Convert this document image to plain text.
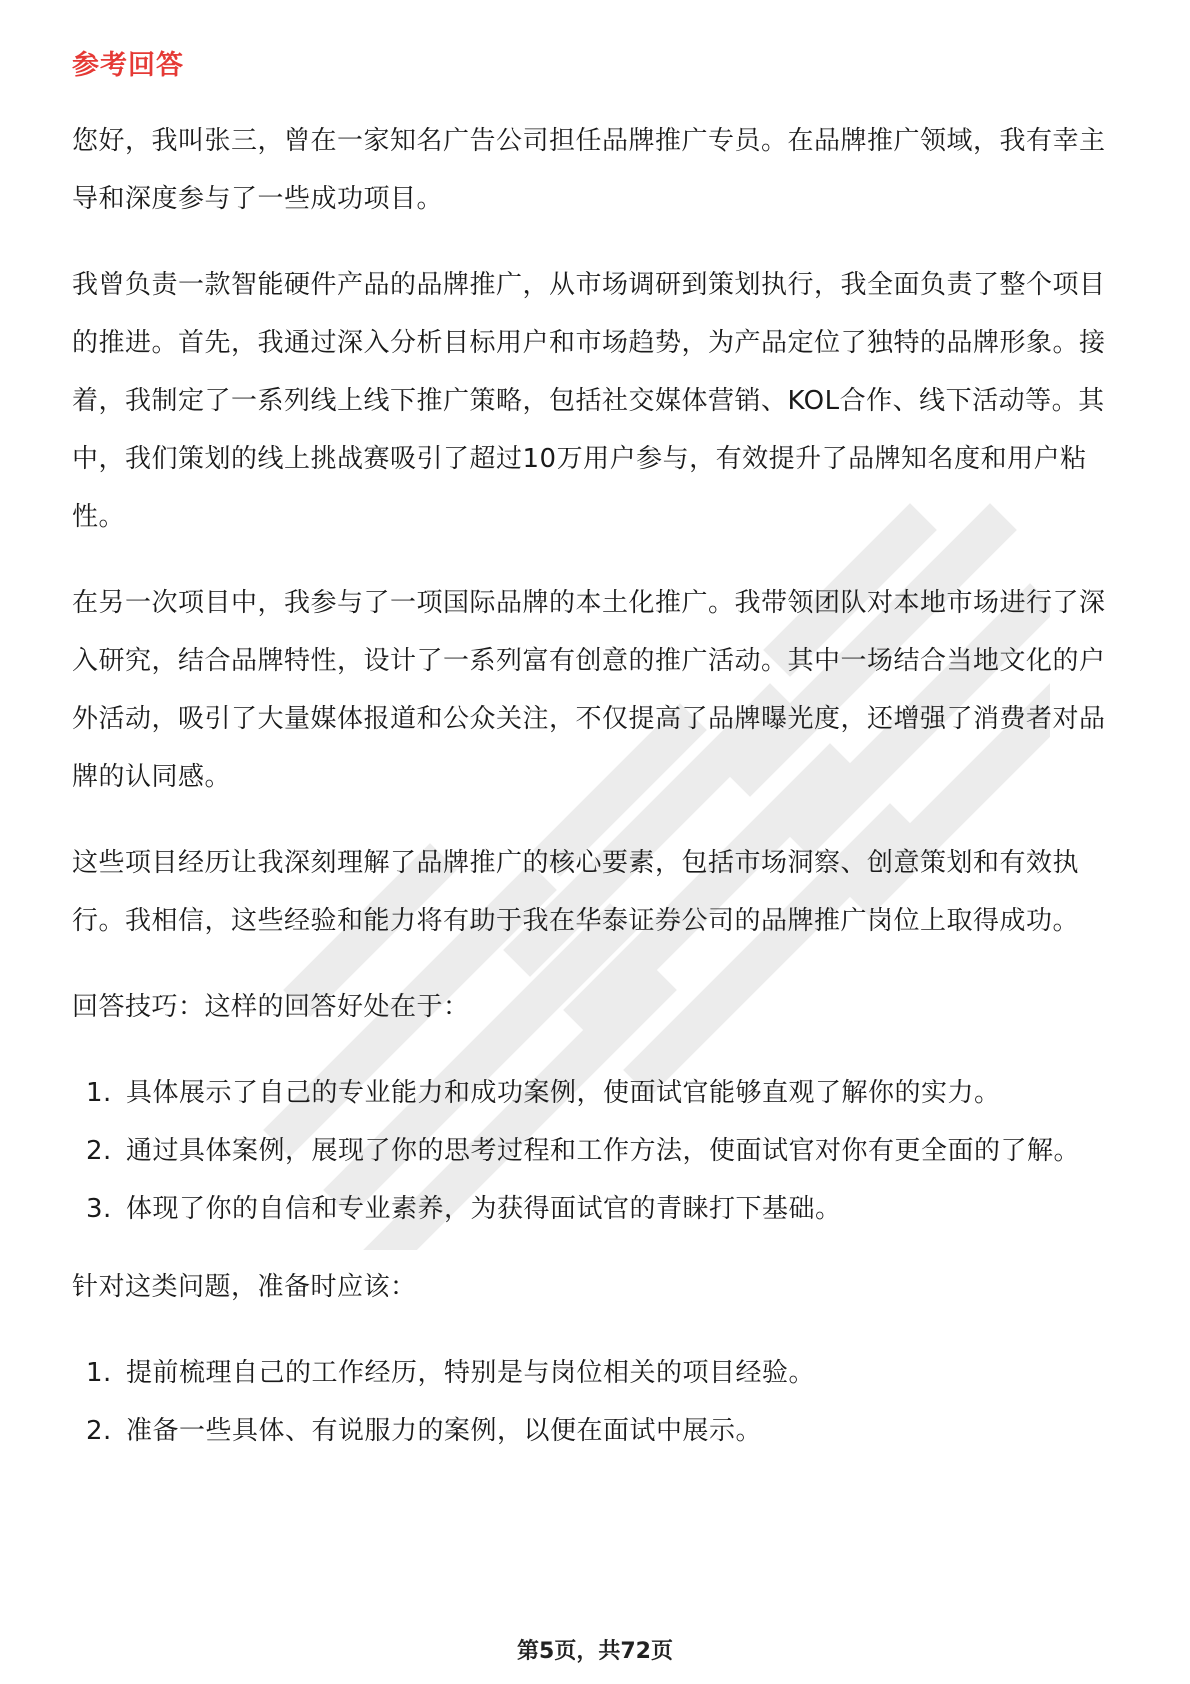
参考回答

您好，我叫张三，曾在一家知名广告公司担任品牌推广专员。在品牌推广领域，我有幸主导和深度参与了一些成功项目。

我曾负责一款智能硬件产品的品牌推广，从市场调研到策划执行，我全面负责了整个项目的推进。首先，我通过深入分析目标用户和市场趋势，为产品定位了独特的品牌形象。接着，我制定了一系列线上线下推广策略，包括社交媒体营销、KOL合作、线下活动等。其中，我们策划的线上挑战赛吸引了超过10万用户参与，有效提升了品牌知名度和用户粘性。

在另一次项目中，我参与了一项国际品牌的本土化推广。我带领团队对本地市场进行了深入研究，结合品牌特性，设计了一系列富有创意的推广活动。其中一场结合当地文化的户外活动，吸引了大量媒体报道和公众关注，不仅提高了品牌曝光度，还增强了消费者对品牌的认同感。

这些项目经历让我深刻理解了品牌推广的核心要素，包括市场洞察、创意策划和有效执行。我相信，这些经验和能力将有助于我在华泰证券公司的品牌推广岗位上取得成功。

回答技巧：这样的回答好处在于：

1. 具体展示了自己的专业能力和成功案例，使面试官能够直观了解你的实力。
2. 通过具体案例，展现了你的思考过程和工作方法，使面试官对你有更全面的了解。
3. 体现了你的自信和专业素养，为获得面试官的青睐打下基础。

针对这类问题，准备时应该：

1. 提前梳理自己的工作经历，特别是与岗位相关的项目经验。
2. 准备一些具体、有说服力的案例，以便在面试中展示。
第5页，共72页
